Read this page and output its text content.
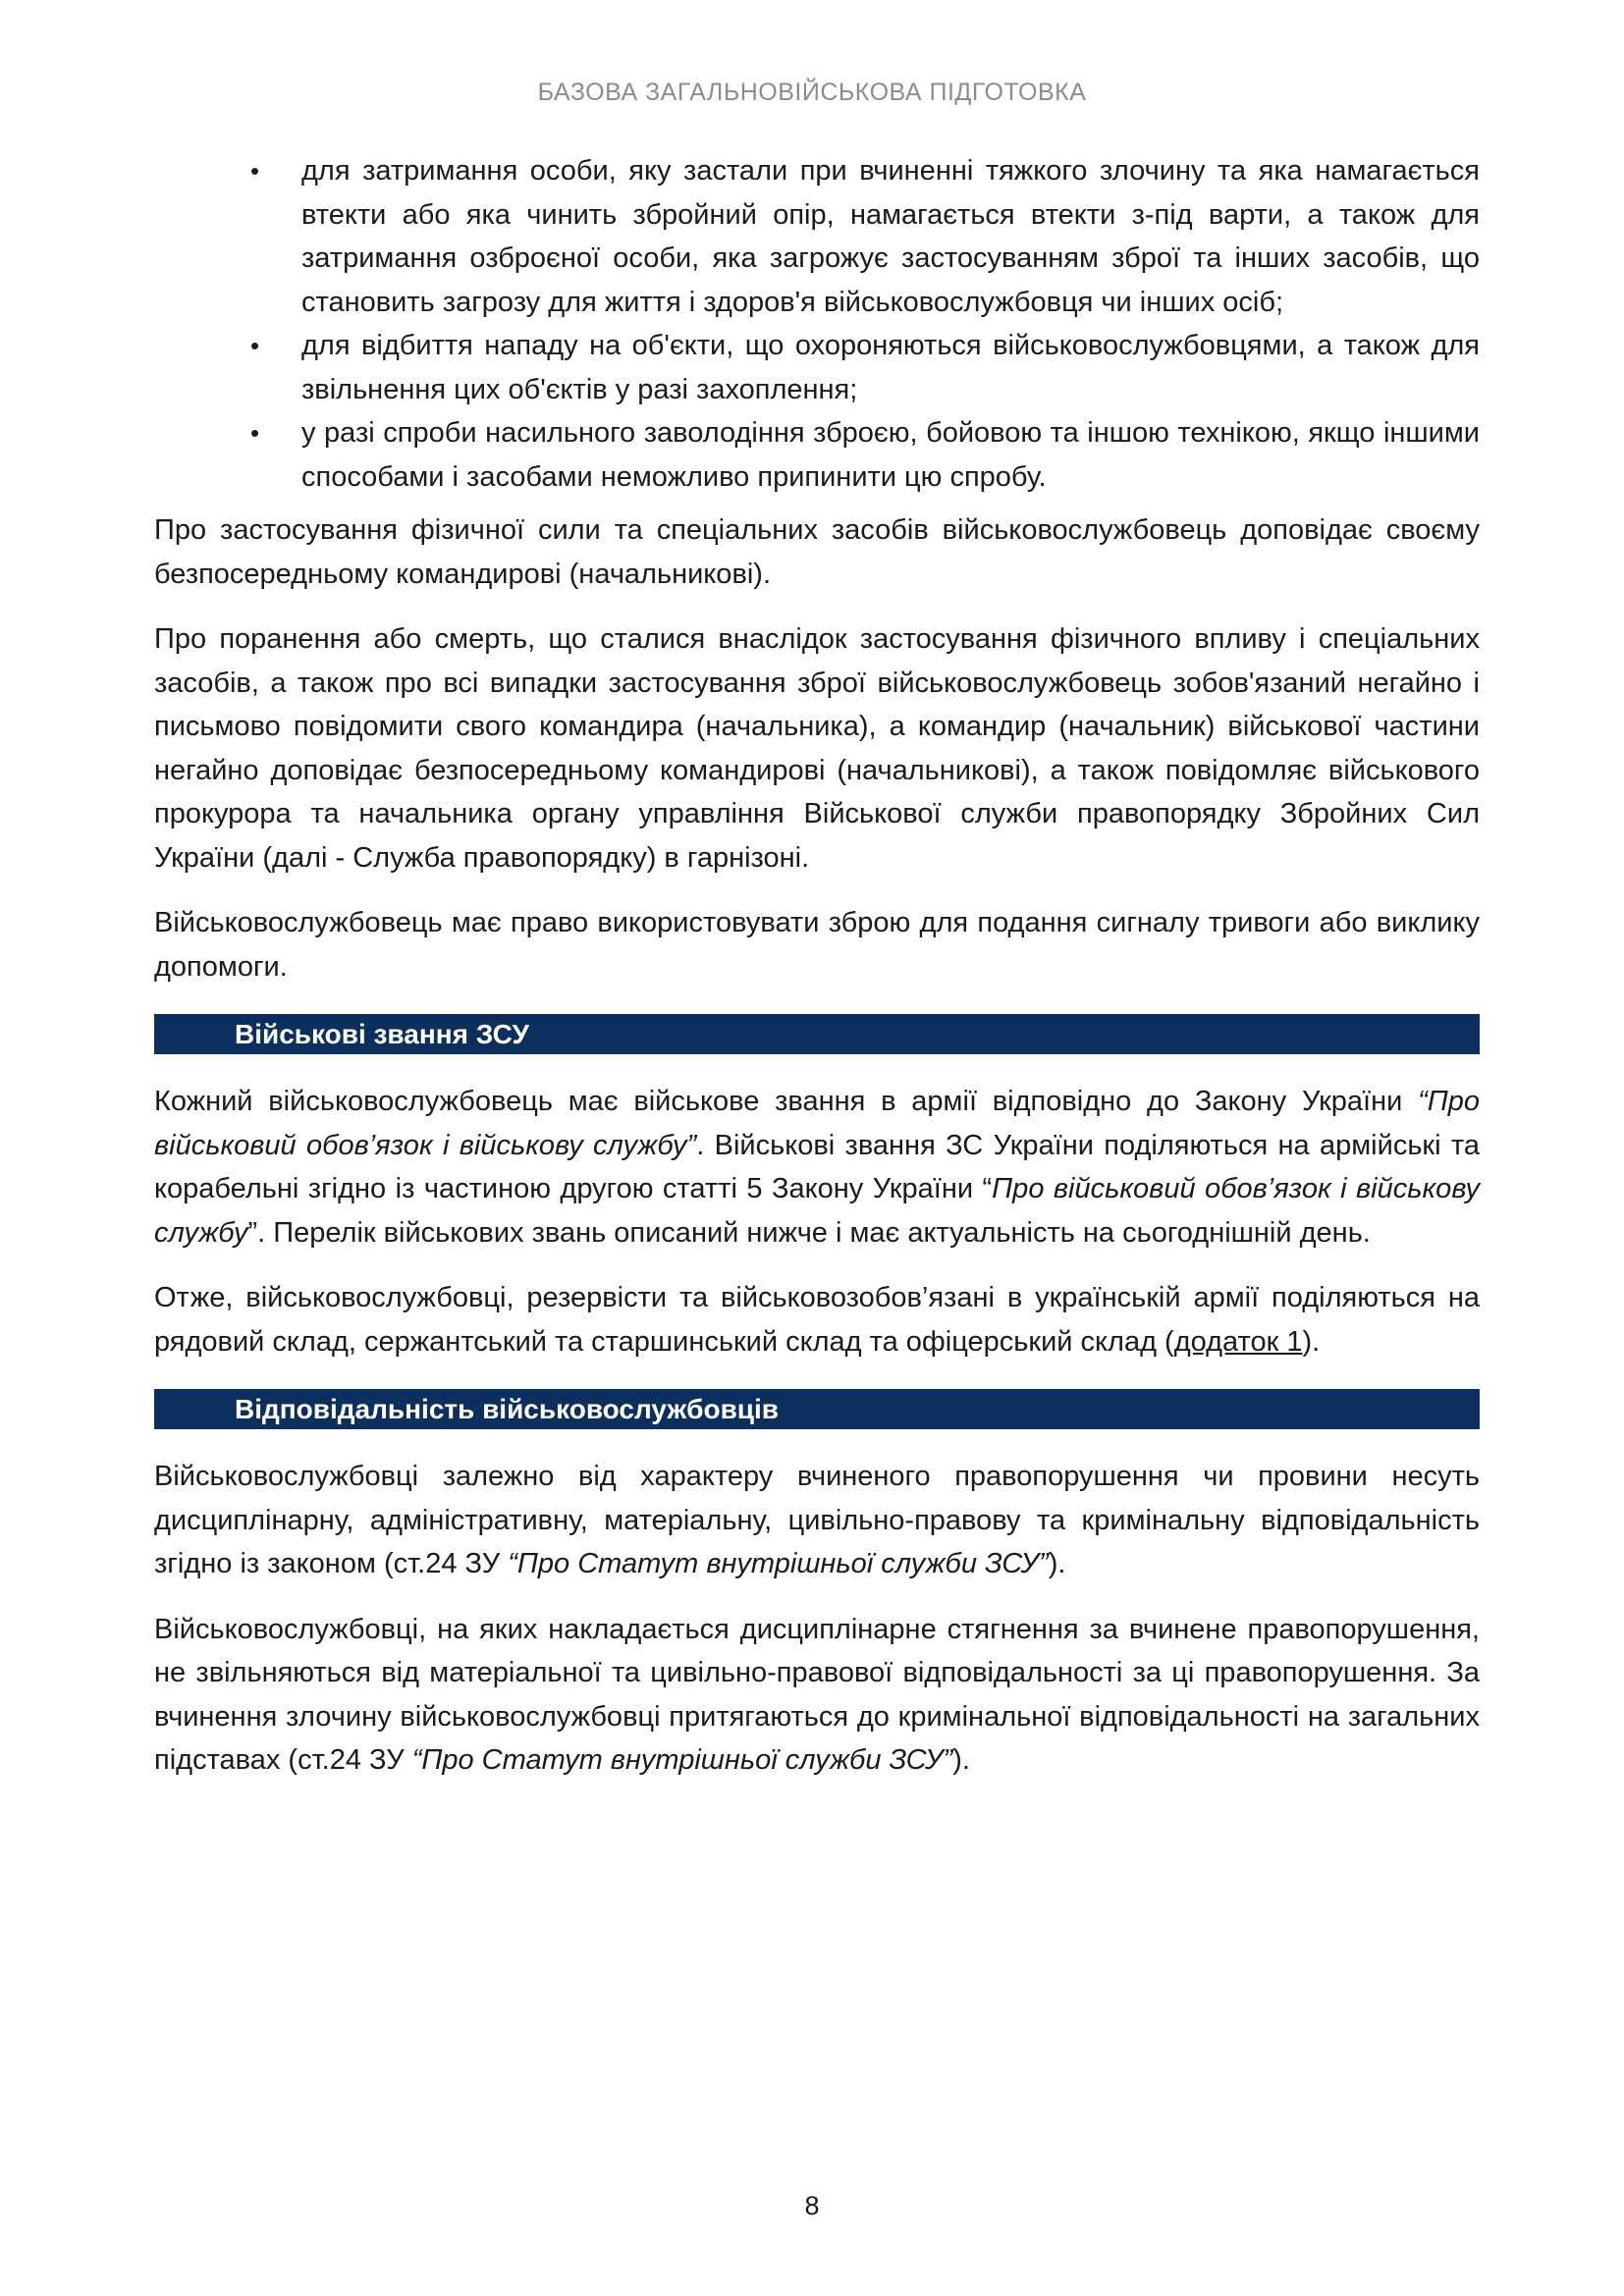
БАЗОВА ЗАГАЛЬНОВІЙСЬКОВА ПІДГОТОВКА
• для затримання особи, яку застали при вчиненні тяжкого злочину та яка намагається втекти або яка чинить збройний опір, намагається втекти з-під варти, а також для затримання озброєної особи, яка загрожує застосуванням зброї та інших засобів, що становить загрозу для життя і здоров'я військовослужбовця чи інших осіб;
• для відбиття нападу на об'єкти, що охороняються військовослужбовцями, а також для звільнення цих об'єктів у разі захоплення;
• у разі спроби насильного заволодіння зброєю, бойовою та іншою технікою, якщо іншими способами і засобами неможливо припинити цю спробу.

Про застосування фізичної сили та спеціальних засобів військовослужбовець доповідає своєму безпосередньому командирові (начальникові).

Про поранення або смерть, що сталися внаслідок застосування фізичного впливу і спеціальних засобів, а також про всі випадки застосування зброї військовослужбовець зобов'язаний негайно і письмово повідомити свого командира (начальника), а командир (начальник) військової частини негайно доповідає безпосередньому командирові (начальникові), а також повідомляє військового прокурора та начальника органу управління Військової служби правопорядку Збройних Сил України (далі - Служба правопорядку) в гарнізоні.

Військовослужбовець має право використовувати зброю для подання сигналу тривоги або виклику допомоги.

Військові звання ЗСУ

Кожний військовослужбовець має військове звання в армії відповідно до Закону України “Про військовий обов’язок і військову службу”. Військові звання ЗС України поділяються на армійські та корабельні згідно із частиною другою статті 5 Закону України “Про військовий обов’язок і військову службу”. Перелік військових звань описаний нижче і має актуальність на сьогоднішній день.

Отже, військовослужбовці, резервісти та військовозобов’язані в українській армії поділяються на рядовий склад, сержантський та старшинський склад та офіцерський склад (додаток 1).

Відповідальність військовослужбовців

Військовослужбовці залежно від характеру вчиненого правопорушення чи провини несуть дисциплінарну, адміністративну, матеріальну, цивільно-правову та кримінальну відповідальність згідно із законом (ст.24 ЗУ “Про Статут внутрішньої служби ЗСУ”).

Військовослужбовці, на яких накладається дисциплінарне стягнення за вчинене правопорушення, не звільняються від матеріальної та цивільно-правової відповідальності за ці правопорушення. За вчинення злочину військовослужбовці притягаються до кримінальної відповідальності на загальних підставах (ст.24 ЗУ “Про Статут внутрішньої служби ЗСУ”).

8
